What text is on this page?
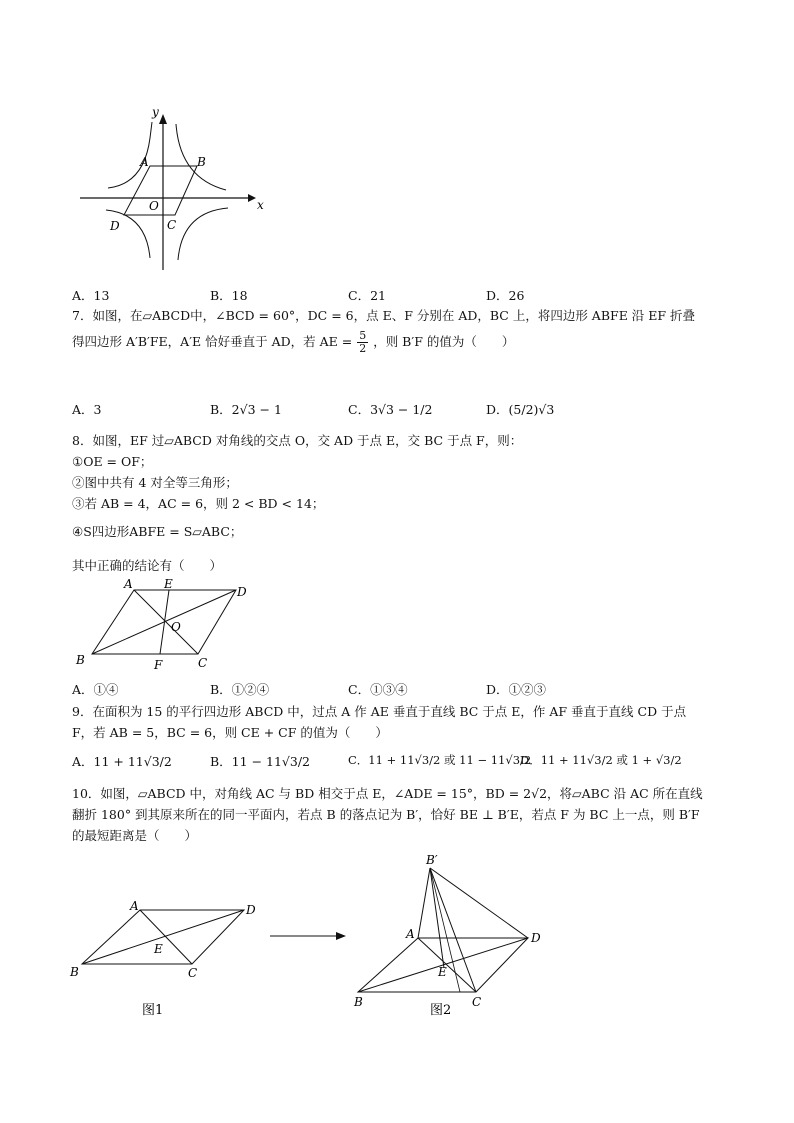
y
x
A	B
O
C
D
A．13	B．18	C．21	D．26
7．如图，在▱ABCD中，∠BCD = 60°，DC = 6，点 E、F 分别在 AD，BC 上，将四边形 ABFE 沿 EF 折叠
得四边形 A′B′FE，A′E 恰好垂直于 AD，若 AE = $\frac{5}{2}$ ，则 B′F 的值为（　　）
A．3	B．2√3 − 1	C．3√3 − 1/2	D．(5/2)√3
8．如图，EF 过▱ABCD 对角线的交点 O，交 AD 于点 E，交 BC 于点 F，则：
①OE = OF；
②图中共有 4 对全等三角形；
③若 AB = 4，AC = 6，则 2 < BD < 14；
④S四边形ABFE = S▱ABC；
其中正确的结论有（　　）
A	E
D
O
B	F	C
A．①④	B．①②④	C．①③④	D．①②③
9．在面积为 15 的平行四边形 ABCD 中，过点 A 作 AE 垂直于直线 BC 于点 E，作 AF 垂直于直线 CD 于点
F，若 AB = 5，BC = 6，则 CE + CF 的值为（　　）
A．11 + 11√3/2	B．11 − 11√3/2	C．11 + 11√3/2 或 11 − 11√3/2
D．11 + 11√3/2 或 1 + √3/2
10．如图，▱ABCD 中，对角线 AC 与 BD 相交于点 E，∠ADE = 15°，BD = 2√2，将▱ABC 沿 AC 所在直线
翻折 180° 到其原来所在的同一平面内，若点 B 的落点记为 B′，恰好 BE ⊥ B′E，若点 F 为 BC 上一点，则 B′F
的最短距离是（　　）
A	D
E
B	C
图1
B′
A	D
E
B	C
图2
